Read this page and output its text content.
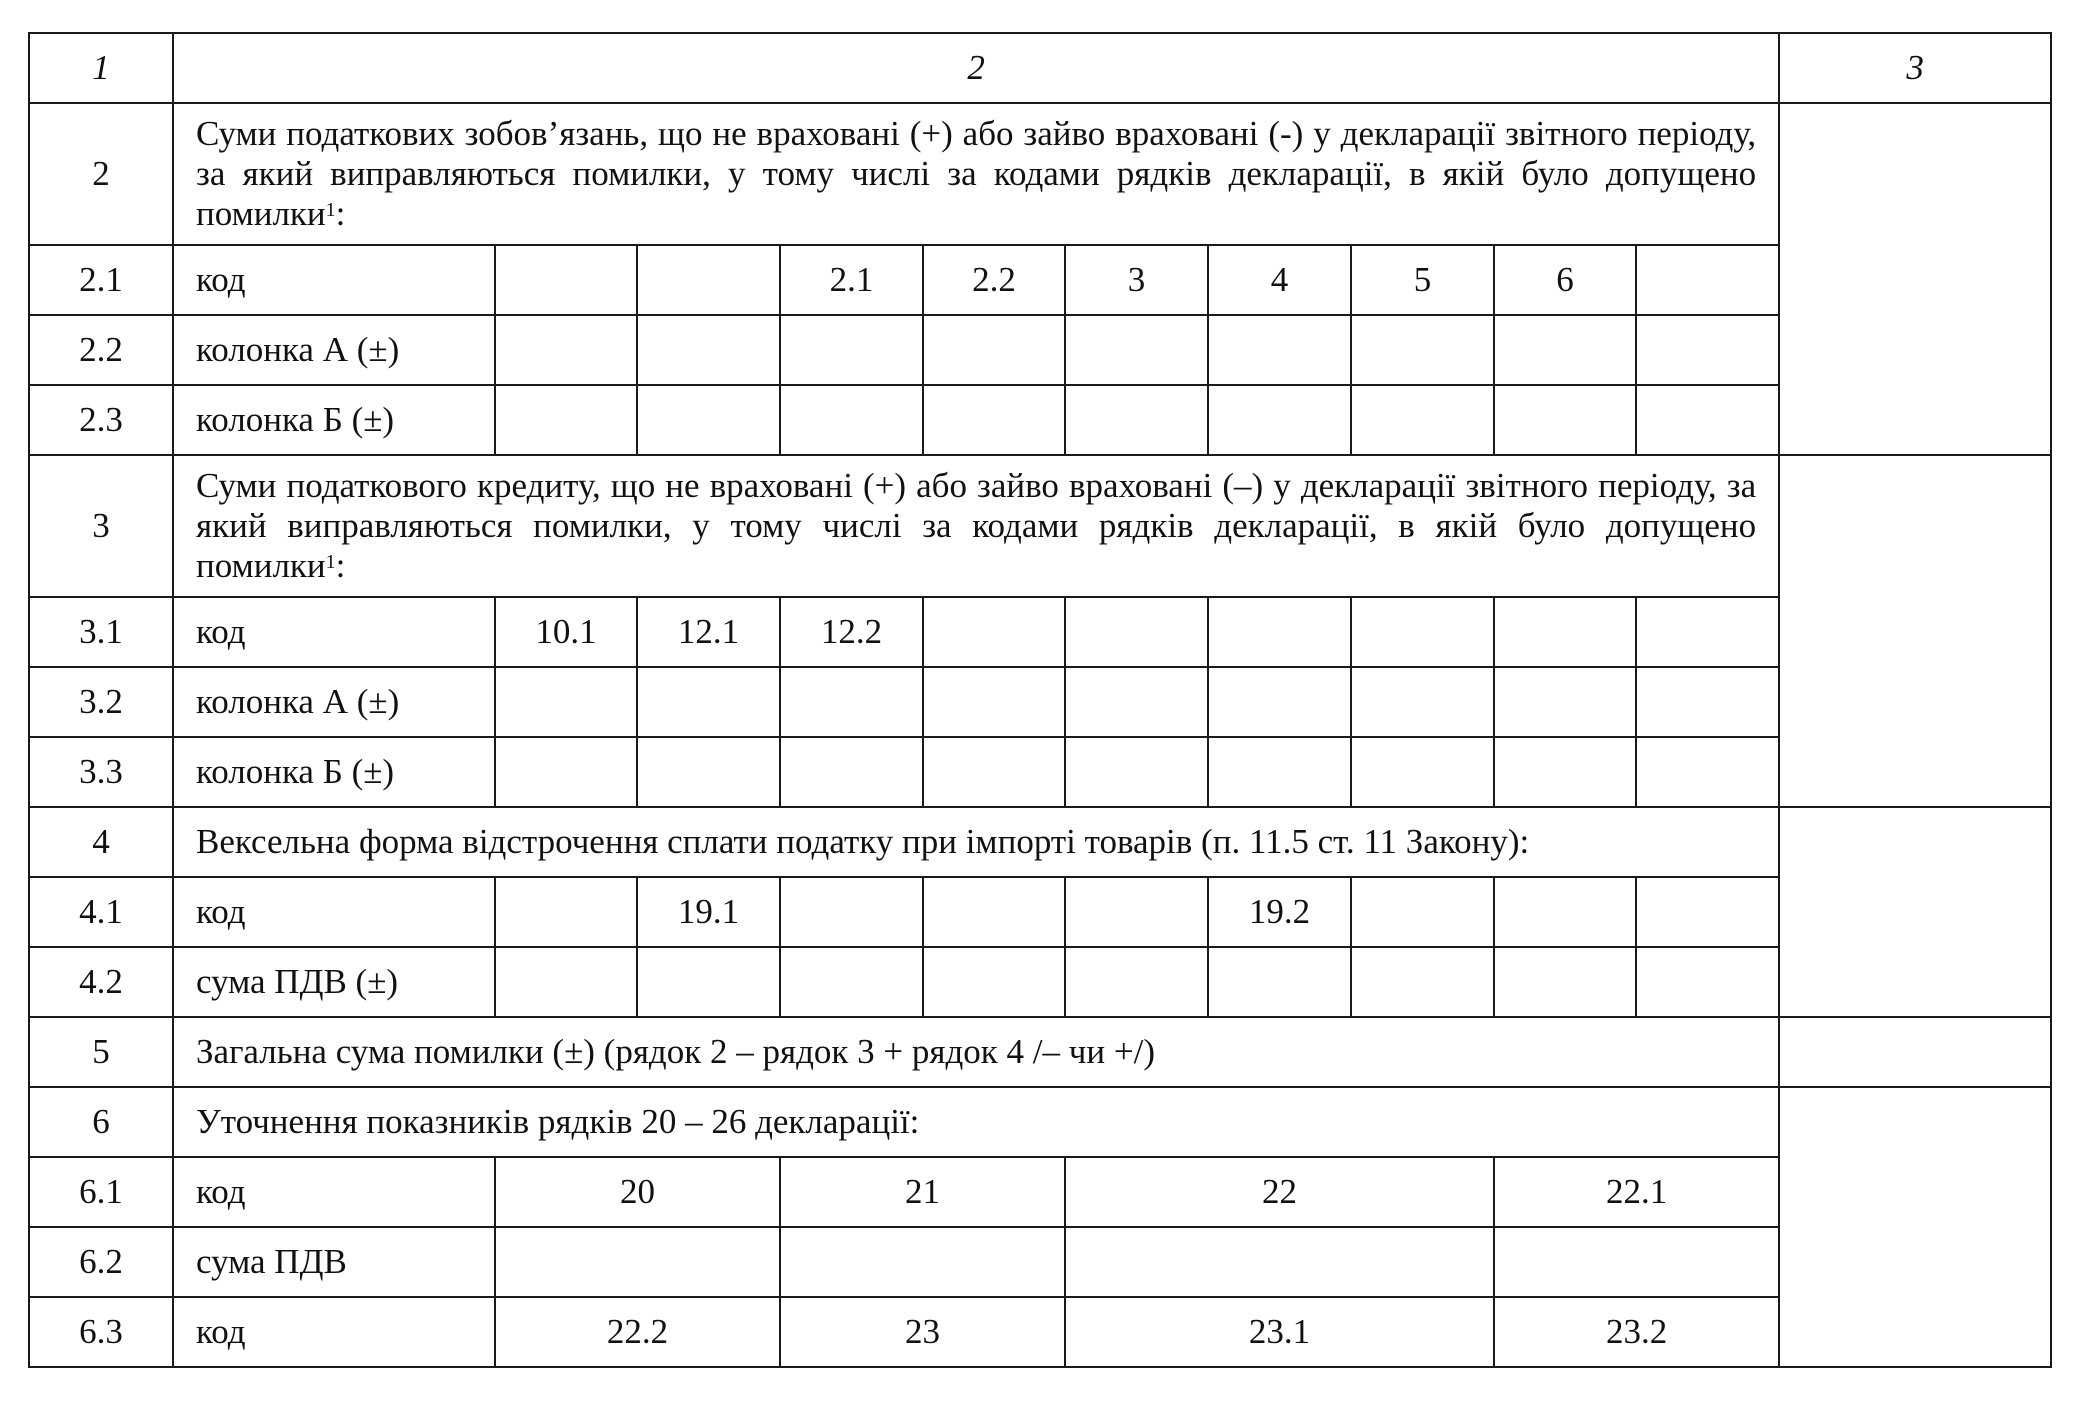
1	2										3
2	Суми податкових зобов’язань, що не враховані (+) або зайво враховані (-) у декларації звітного періоду, за який виправляються помилки, у тому числі за кодами рядків декларації, в якій було допущено помилки$^1$:										
2.1	код			2.1	2.2	3	4	5	6		
2.2	колонка А (±)										
2.3	колонка Б (±)										
3	Суми податкового кредиту, що не враховані (+) або зайво враховані (–) у декларації звітного періоду, за який виправляються помилки, у тому числі за кодами рядків декларації, в якій було допущено помилки$^1$:										
3.1	код	10.1	12.1	12.2							
3.2	колонка А (±)										
3.3	колонка Б (±)										
4	Вексельна форма відстрочення сплати податку при імпорті товарів (п. 11.5 ст. 11 Закону):										
4.1	код		19.1				19.2				
4.2	сума ПДВ (±)										
5	Загальна сума помилки (±) (рядок 2 – рядок 3 + рядок 4 /– чи +/)										
6	Уточнення показників рядків 20 – 26 декларації:										
6.1	код	20		21		22			22.1		
6.2	сума ПДВ										
6.3	код	22.2		23		23.1			23.2		
